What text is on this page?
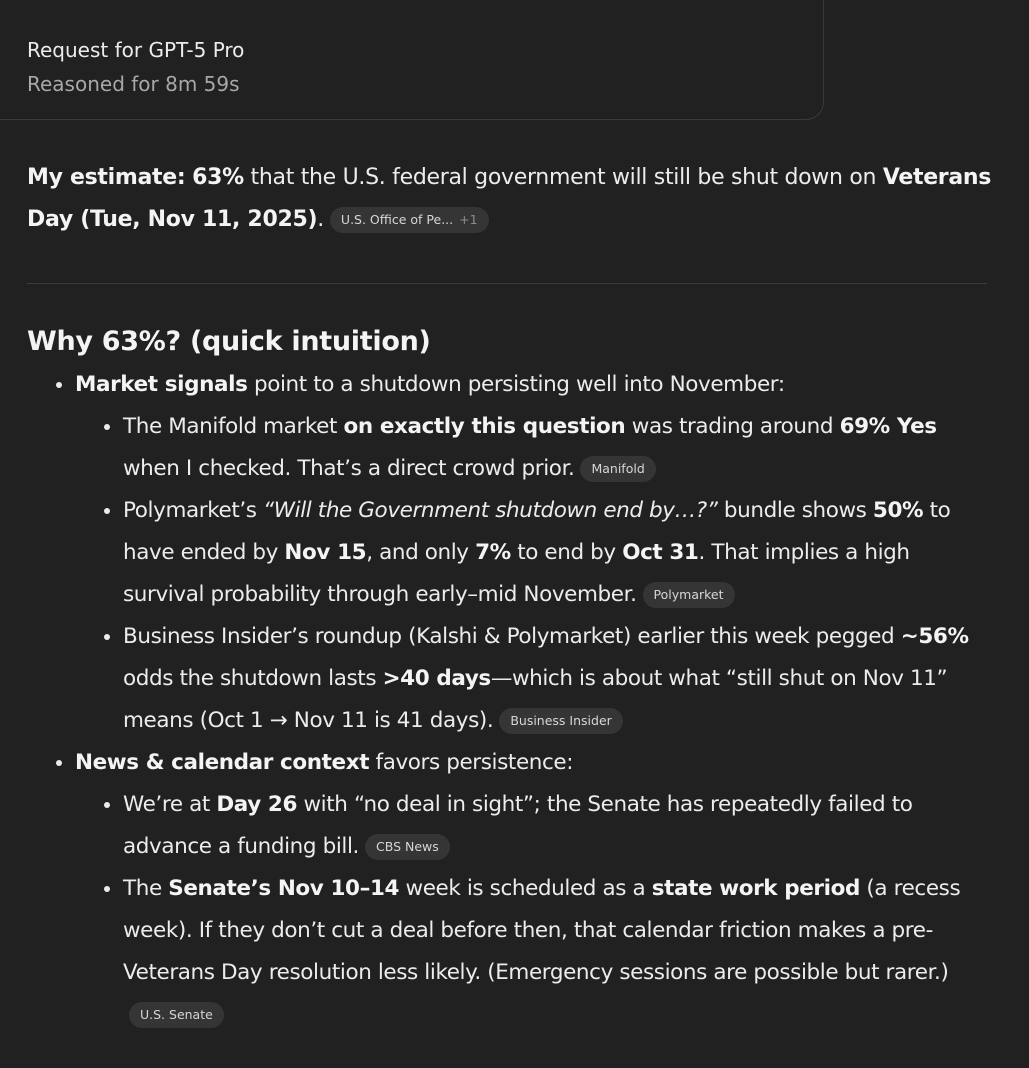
Request for GPT-5 Pro
Reasoned for 8m 59s

My estimate: 63% that the U.S. federal government will still be shut down on Veterans Day (Tue, Nov 11, 2025). U.S. Office of Pe... +1

Why 63%? (quick intuition)
• Market signals point to a shutdown persisting well into November:
• The Manifold market on exactly this question was trading around 69% Yes when I checked. That’s a direct crowd prior. Manifold
• Polymarket’s “Will the Government shutdown end by…?” bundle shows 50% to have ended by Nov 15, and only 7% to end by Oct 31. That implies a high survival probability through early–mid November. Polymarket
• Business Insider’s roundup (Kalshi & Polymarket) earlier this week pegged ~56% odds the shutdown lasts >40 days—which is about what “still shut on Nov 11” means (Oct 1 → Nov 11 is 41 days). Business Insider
• News & calendar context favors persistence:
• We’re at Day 26 with “no deal in sight”; the Senate has repeatedly failed to advance a funding bill. CBS News
• The Senate’s Nov 10–14 week is scheduled as a state work period (a recess week). If they don’t cut a deal before then, that calendar friction makes a pre-Veterans Day resolution less likely. (Emergency sessions are possible but rarer.)U.S. Senate
